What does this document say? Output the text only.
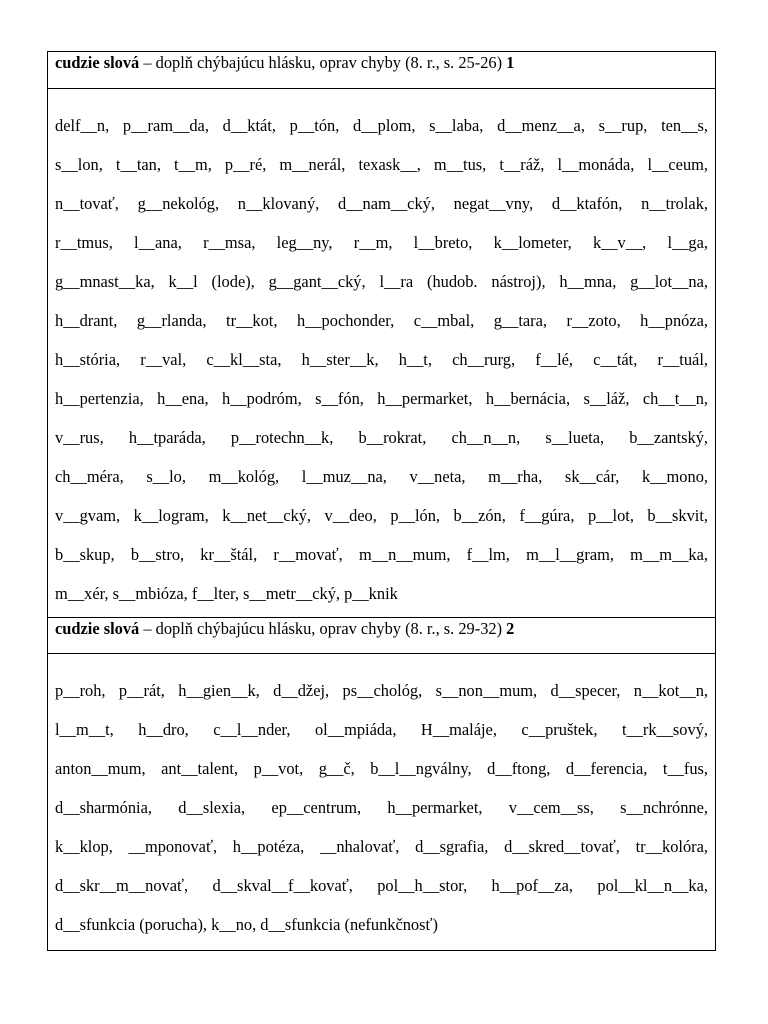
cudzie slová – doplň chýbajúcu hlásku, oprav chyby (8. r., s. 25-26) 1
delf__n, p__ram__da, d__ktát, p__tón, d__plom, s__laba, d__menz__a, s__rup, ten__s,
s__lon, t__tan, t__m, p__ré, m__nerál, texask__, m__tus, t__ráž, l__monáda, l__ceum,
n__tovať, g__nekológ, n__klovaný, d__nam__cký, negat__vny, d__ktafón, n__trolak,
r__tmus, l__ana, r__msa, leg__ny, r__m, l__breto, k__lometer, k__v__, l__ga,
g__mnast__ka, k__l (lode), g__gant__cký, l__ra (hudob. nástroj), h__mna, g__lot__na,
h__drant, g__rlanda, tr__kot, h__pochonder, c__mbal, g__tara, r__zoto, h__pnóza,
h__stória, r__val, c__kl__sta, h__ster__k, h__t, ch__rurg, f__lé, c__tát, r__tuál,
h__pertenzia, h__ena, h__podróm, s__fón, h__permarket, h__bernácia, s__láž, ch__t__n,
v__rus, h__tparáda, p__rotechn__k, b__rokrat, ch__n__n, s__lueta, b__zantský,
ch__méra, s__lo, m__kológ, l__muz__na, v__neta, m__rha, sk__cár, k__mono,
v__gvam, k__logram, k__net__cký, v__deo, p__lón, b__zón, f__gúra, p__lot, b__skvit,
b__skup, b__stro, kr__štál, r__movať, m__n__mum, f__lm, m__l__gram, m__m__ka,
m__xér, s__mbióza, f__lter, s__metr__cký, p__knik
cudzie slová – doplň chýbajúcu hlásku, oprav chyby (8. r., s. 29-32) 2
p__roh, p__rát, h__gien__k, d__džej, ps__chológ, s__non__mum, d__specer, n__kot__n,
l__m__t, h__dro, c__l__nder, ol__mpiáda, H__maláje, c__pruštek, t__rk__sový,
anton__mum, ant__talent, p__vot, g__č, b__l__ngválny, d__ftong, d__ferencia, t__fus,
d__sharmónia, d__slexia, ep__centrum, h__permarket, v__cem__ss, s__nchrónne,
k__klop, __mponovať, h__potéza, __nhalovať, d__sgrafia, d__skred__tovať, tr__kolóra,
d__skr__m__novať, d__skval__f__kovať, pol__h__stor, h__pof__za, pol__kl__n__ka,
d__sfunkcia (porucha), k__no, d__sfunkcia (nefunkčnosť)
